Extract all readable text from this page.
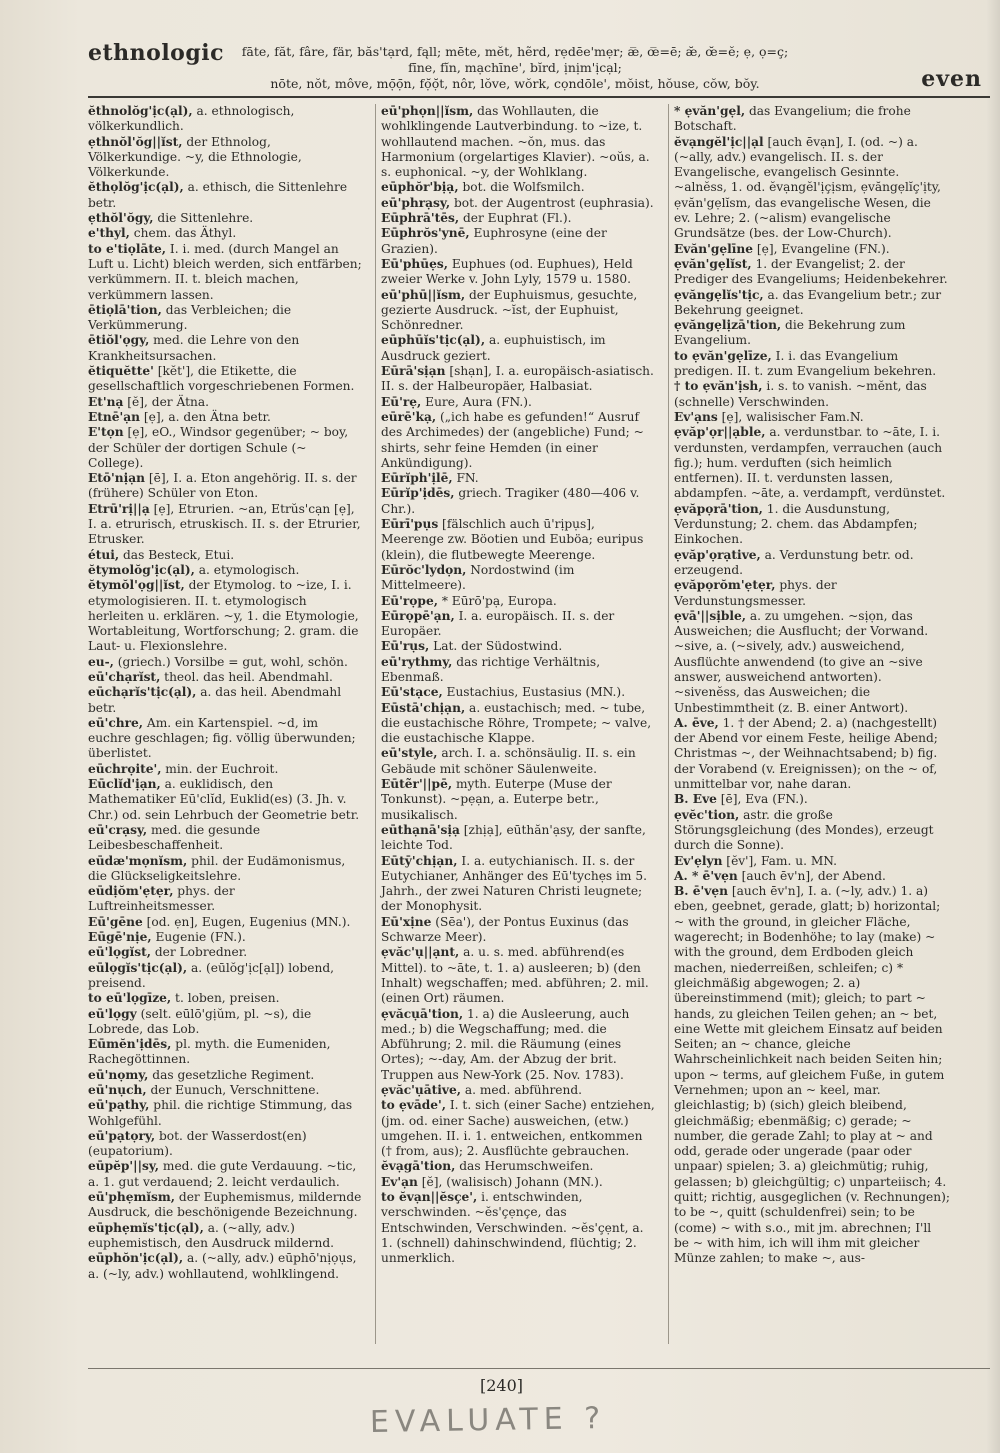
ethnologic	fāte, făt, fâre, fär, băs'tạrd, fąll; mēte, mĕt, hẽrd, rẹdēe'mẹr; æ̅, œ̅=ē; æ̆, œ̆=ĕ; ẹ, ọ=ç;
fīne, fĭn, mạchīne', bĭrd, ịnịm'ịcạl;
nōte, nŏt, môve, mọ̄ọ̄n, fọ̆ọ̆t, nôr, lŏve, wŏrk, cọndōle', mŏist, hŏuse, cŏw, bŏy.	even
ĕthnolŏg'ịc(ạl), a. ethnologisch, völkerkundlich.
ẹthnŏl'ŏg||ĭst, der Ethnolog, Völkerkundige. ~y, die Ethnologie, Völkerkunde.
ĕthọlŏg'ịc(ạl), a. ethisch, die Sittenlehre betr.
ẹthŏl'ŏgy, die Sittenlehre.
e'thyl, chem. das Äthyl.
to e'tiọlāte, I. i. med. (durch Mangel an Luft u. Licht) bleich werden, sich entfärben; verkümmern. II. t. bleich machen, verkümmern lassen.
ētiọlā'tion, das Verbleichen; die Verkümmerung.
ētiŏl'ọgy, med. die Lehre von den Krankheitsursachen.
ĕtiquĕtte' [kĕt'], die Etikette, die gesellschaftlich vorgeschriebenen Formen.
Et'nạ [ĕ], der Ätna.
Etnē'ạn [ẹ], a. den Ätna betr.
E'tọn [ẹ], eO., Windsor gegenüber; ~ boy, der Schüler der dortigen Schule (~ College).
Etō'nịạn [ē], I. a. Eton angehörig. II. s. der (frühere) Schüler von Eton.
Etrū'rị||ạ [ẹ], Etrurien. ~an, Etrŭs'cạn [ẹ], I. a. etrurisch, etruskisch. II. s. der Etrurier, Etrusker.
étui, das Besteck, Etui.
ĕtymolŏg'ịc(ạl), a. etymologisch.
ĕtymŏl'ọg||ĭst, der Etymolog. to ~ize, I. i. etymologisieren. II. t. etymologisch herleiten u. erklären. ~y, 1. die Etymologie, Wortableitung, Wortforschung; 2. gram. die Laut- u. Flexionslehre.
eu-, (griech.) Vorsilbe = gut, wohl, schön.
eū'chạrĭst, theol. das heil. Abendmahl.
eūchạrĭs'tịc(ạl), a. das heil. Abendmahl betr.
eū'chre, Am. ein Kartenspiel. ~d, im euchre geschlagen; fig. völlig überwunden; überlistet.
eūchrọite', min. der Euchroit.
Eūclĭd'ịạn, a. euklidisch, den Mathematiker Eū'clĭd, Euklid(es) (3. Jh. v. Chr.) od. sein Lehrbuch der Geometrie betr.
eū'crạsy, med. die gesunde Leibesbeschaffenheit.
eūdæ'mọnĭsm, phil. der Eudämonismus, die Glückseligkeitslehre.
eūdịŏm'ẹtẹr, phys. der Luftreinheitsmesser.
Eū'gēne [od. ẹn], Eugen, Eugenius (MN.).
Eūgē'nịe, Eugenie (FN.).
eū'lọgĭst, der Lobredner.
eūlọgĭs'tịc(ạl), a. (eūlŏg'ịc[ạl]) lobend, preisend.
to eū'lọgīze, t. loben, preisen.
eū'lọgy (selt. eūlō'gịŭm, pl. ~s), die Lobrede, das Lob.
Eūmĕn'ịdēs, pl. myth. die Eumeniden, Rachegöttinnen.
eū'nọmy, das gesetzliche Regiment.
eū'nụch, der Eunuch, Verschnittene.
eū'pạthy, phil. die richtige Stimmung, das Wohlgefühl.
eū'pạtọry, bot. der Wasserdost(en) (eupatorium).
eūpĕp'||sy, med. die gute Verdauung. ~tic, a. 1. gut verdauend; 2. leicht verdaulich.
eū'phẹmĭsm, der Euphemismus, mildernde Ausdruck, die beschönigende Bezeichnung.
eūphẹmĭs'tịc(ạl), a. (~ally, adv.) euphemistisch, den Ausdruck mildernd.
eūphŏn'ịc(ạl), a. (~ally, adv.) eūphō'nịọụs, a. (~ly, adv.) wohllautend, wohlklingend.
eū'phọn||ĭsm, das Wohllauten, die wohlklingende Lautverbindung. to ~ize, t. wohllautend machen. ~ŏn, mus. das Harmonium (orgelartiges Klavier). ~oŭs, a. s. euphonical. ~y, der Wohlklang.
eūphŏr'bịạ, bot. die Wolfsmilch.
eū'phrạsy, bot. der Augentrost (euphrasia).
Eūphrā'tēs, der Euphrat (Fl.).
Eūphrŏs'ynē, Euphrosyne (eine der Grazien).
Eū'phūẹs, Euphues (od. Euphues), Held zweier Werke v. John Lyly, 1579 u. 1580.
eū'phū||ĭsm, der Euphuismus, gesuchte, gezierte Ausdruck. ~ĭst, der Euphuist, Schönredner.
eūphūĭs'tịc(ạl), a. euphuistisch, im Ausdruck geziert.
Eūrā'sịạn [shạn], I. a. europäisch-asiatisch. II. s. der Halbeuropäer, Halbasiat.
Eū'rẹ, Eure, Aura (FN.).
eūrē'kạ, („ich habe es gefunden!“ Ausruf des Archimedes) der (angebliche) Fund; ~ shirts, sehr feine Hemden (in einer Ankündigung).
Eūrĭph'ịlē, FN.
Eūrĭp'ịdēs, griech. Tragiker (480—406 v. Chr.).
Eūrī'pụs [fälschlich auch ū'rịpụs], Meerenge zw. Böotien und Euböa; euripus (klein), die flutbewegte Meerenge.
Eūrŏc'lydọn, Nordostwind (im Mittelmeere).
Eū'rọpe, * Eūrō'pạ, Europa.
Eūrọpē'ạn, I. a. europäisch. II. s. der Europäer.
Eū'rụs, Lat. der Südostwind.
eū'rythmy, das richtige Verhältnis, Ebenmaß.
Eū'stạce, Eustachius, Eustasius (MN.).
Eūstā'chịạn, a. eustachisch; med. ~ tube, die eustachische Röhre, Trompete; ~ valve, die eustachische Klappe.
eū'style, arch. I. a. schönsäulig. II. s. ein Gebäude mit schöner Säulenweite.
Eūtẽr'||pē, myth. Euterpe (Muse der Tonkunst). ~pẹạn, a. Euterpe betr., musikalisch.
eūthạnā'sịạ [zhịạ], eūthăn'ạsy, der sanfte, leichte Tod.
Eūtȳ'chịạn, I. a. eutychianisch. II. s. der Eutychianer, Anhänger des Eū'tychẹs im 5. Jahrh., der zwei Naturen Christi leugnete; der Monophysit.
Eū'xịne (Sēa'), der Pontus Euxinus (das Schwarze Meer).
ẹvăc'ụ||ạnt, a. u. s. med. abführend(es Mittel). to ~āte, t. 1. a) ausleeren; b) (den Inhalt) wegschaffen; med. abführen; 2. mil. (einen Ort) räumen.
ẹvăcụā'tion, 1. a) die Ausleerung, auch med.; b) die Wegschaffung; med. die Abführung; 2. mil. die Räumung (eines Ortes); ~-day, Am. der Abzug der brit. Truppen aus New-York (25. Nov. 1783).
ẹvăc'ụātive, a. med. abführend.
to ẹvāde', I. t. sich (einer Sache) entziehen, (jm. od. einer Sache) ausweichen, (etw.) umgehen. II. i. 1. entweichen, entkommen († from, aus); 2. Ausflüchte gebrauchen.
ĕvạgā'tion, das Herumschweifen.
Ev'ạn [ĕ], (walisisch) Johann (MN.).
to ĕvạn||ĕsçe', i. entschwinden, verschwinden. ~ĕs'çẹnçe, das Entschwinden, Verschwinden. ~ĕs'çẹnt, a. 1. (schnell) dahinschwindend, flüchtig; 2. unmerklich.
* ẹvăn'gẹl, das Evangelium; die frohe Botschaft.
ĕvạngĕl'ịc||ạl [auch ēvạn], I. (od. ~) a. (~ally, adv.) evangelisch. II. s. der Evangelische, evangelisch Gesinnte. ~alnĕss, 1. od. ĕvạngĕl'ịçịsm, ẹvăngẹlĭç'ịty, ẹvăn'gẹlĭsm, das evangelische Wesen, die ev. Lehre; 2. (~alism) evangelische Grundsätze (bes. der Low-Church).
Evăn'gẹlīne [ẹ], Evangeline (FN.).
ẹvăn'gẹlĭst, 1. der Evangelist; 2. der Prediger des Evangeliums; Heidenbekehrer.
ẹvăngẹlĭs'tịc, a. das Evangelium betr.; zur Bekehrung geeignet.
ẹvăngẹlịzā'tion, die Bekehrung zum Evangelium.
to ẹvăn'gẹlīze, I. i. das Evangelium predigen. II. t. zum Evangelium bekehren.
† to ẹvăn'ịsh, i. s. to vanish. ~mĕnt, das (schnelle) Verschwinden.
Ev'ạns [ẹ], walisischer Fam.N.
ẹvăp'ọr||ạble, a. verdunstbar. to ~āte, I. i. verdunsten, verdampfen, verrauchen (auch fig.); hum. verduften (sich heimlich entfernen). II. t. verdunsten lassen, abdampfen. ~āte, a. verdampft, verdünstet.
ẹvăpọrā'tion, 1. die Ausdunstung, Verdunstung; 2. chem. das Abdampfen; Einkochen.
ẹvăp'ọrạtive, a. Verdunstung betr. od. erzeugend.
ẹvăpọrŏm'ẹtẹr, phys. der Verdunstungsmesser.
ẹvā'||sịble, a. zu umgehen. ~sịọn, das Ausweichen; die Ausflucht; der Vorwand. ~sive, a. (~sively, adv.) ausweichend, Ausflüchte anwendend (to give an ~sive answer, ausweichend antworten). ~sivenĕss, das Ausweichen; die Unbestimmtheit (z. B. einer Antwort).
A. ēve, 1. † der Abend; 2. a) (nachgestellt) der Abend vor einem Feste, heilige Abend; Christmas ~, der Weihnachtsabend; b) fig. der Vorabend (v. Ereignissen); on the ~ of, unmittelbar vor, nahe daran.
B. Eve [ē], Eva (FN.).
ẹvĕc'tion, astr. die große Störungsgleichung (des Mondes), erzeugt durch die Sonne).
Ev'ẹlyn [ĕv'], Fam. u. MN.
A. * ē'vẹn [auch ēv'n], der Abend.
B. ē'vẹn [auch ēv'n], I. a. (~ly, adv.) 1. a) eben, geebnet, gerade, glatt; b) horizontal; ~ with the ground, in gleicher Fläche, wagerecht; in Bodenhöhe; to lay (make) ~ with the ground, dem Erdboden gleich machen, niederreißen, schleifen; c) * gleichmäßig abgewogen; 2. a) übereinstimmend (mit); gleich; to part ~ hands, zu gleichen Teilen gehen; an ~ bet, eine Wette mit gleichem Einsatz auf beiden Seiten; an ~ chance, gleiche Wahrscheinlichkeit nach beiden Seiten hin; upon ~ terms, auf gleichem Fuße, in gutem Vernehmen; upon an ~ keel, mar. gleichlastig; b) (sich) gleich bleibend, gleichmäßig; ebenmäßig; c) gerade; ~ number, die gerade Zahl; to play at ~ and odd, gerade oder ungerade (paar oder unpaar) spielen; 3. a) gleichmütig; ruhig, gelassen; b) gleichgültig; c) unparteiisch; 4. quitt; richtig, ausgeglichen (v. Rechnungen); to be ~, quitt (schuldenfrei) sein; to be (come) ~ with s.o., mit jm. abrechnen; I'll be ~ with him, ich will ihm mit gleicher Münze zahlen; to make ~, aus-
[240]
EVALUATE ?
